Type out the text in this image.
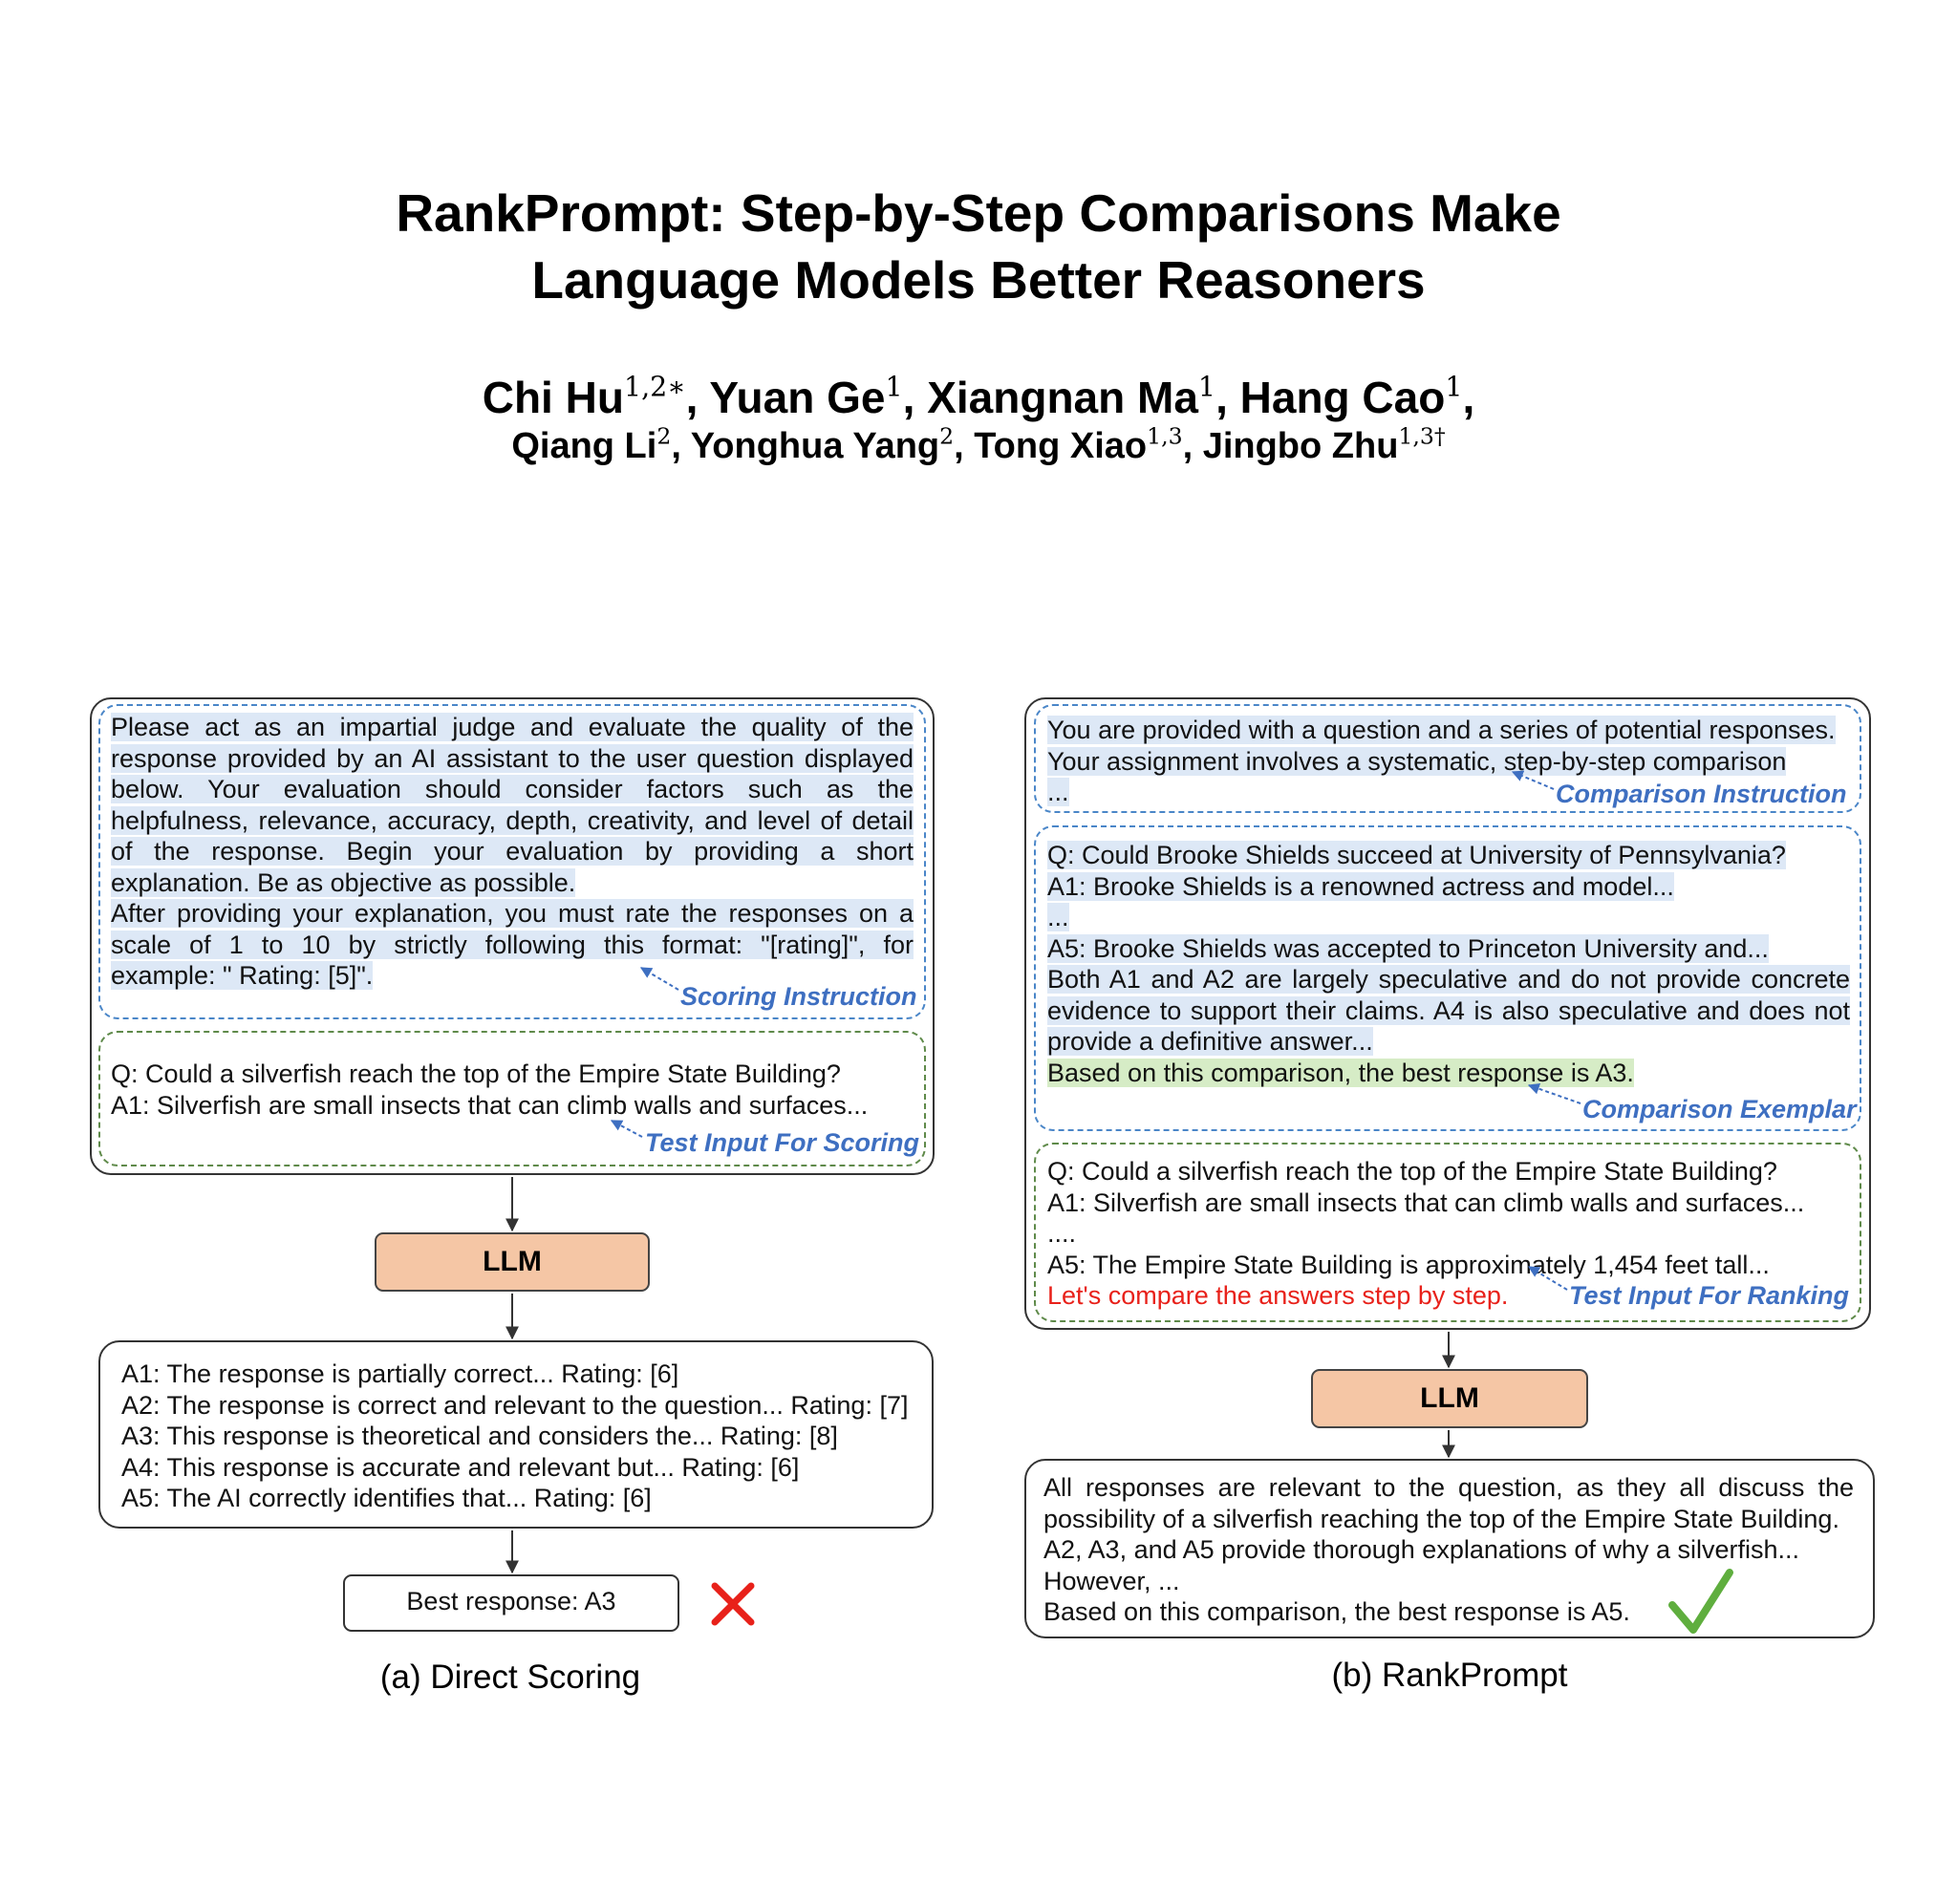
RankPrompt: Step-by-Step Comparisons Make
Language Models Better Reasoners
Chi Hu$^{1,2∗}$, Yuan Ge$^1$, Xiangnan Ma$^1$, Hang Cao$^1$,
Qiang Li$^2$, Yonghua Yang$^2$, Tong Xiao$^{1,3}$, Jingbo Zhu$^{1,3\dagger}$
Please act as an impartial judge and evaluate the quality of the
response provided by an AI assistant to the user question displayed
below. Your evaluation should consider factors such as the
helpfulness, relevance, accuracy, depth, creativity, and level of detail
of the response. Begin your evaluation by providing a short
explanation. Be as objective as possible.
After providing your explanation, you must rate the responses on a
scale of 1 to 10 by strictly following this format: "[rating]", for
example: " Rating: [5]".
Scoring Instruction
Q: Could a silverfish reach the top of the Empire State Building?
A1: Silverfish are small insects that can climb walls and surfaces...
Test Input For Scoring
LLM
A1: The response is partially correct... Rating: [6]
A2: The response is correct and relevant to the question... Rating: [7]
A3: This response is theoretical and considers the... Rating: [8]
A4: This response is accurate and relevant but... Rating: [6]
A5: The AI correctly identifies that... Rating: [6]
Best response: A3
(a) Direct Scoring
You are provided with a question and a series of potential responses.
Your assignment involves a systematic, step-by-step comparison
...	Comparison Instruction
Q: Could Brooke Shields succeed at University of Pennsylvania?
A1: Brooke Shields is a renowned actress and model...
...
A5: Brooke Shields was accepted to Princeton University and...
Both A1 and A2 are largely speculative and do not provide concrete
evidence to support their claims. A4 is also speculative and does not
provide a definitive answer...
Based on this comparison, the best response is A3.
Comparison Exemplar
Q: Could a silverfish reach the top of the Empire State Building?
A1: Silverfish are small insects that can climb walls and surfaces...
....
A5: The Empire State Building is approximately 1,454 feet tall...
Let's compare the answers step by step.	Test Input For Ranking
LLM
All responses are relevant to the question, as they all discuss the
possibility of a silverfish reaching the top of the Empire State Building.
A2, A3, and A5 provide thorough explanations of why a silverfish...
However, ...
Based on this comparison, the best response is A5.
(b) RankPrompt
